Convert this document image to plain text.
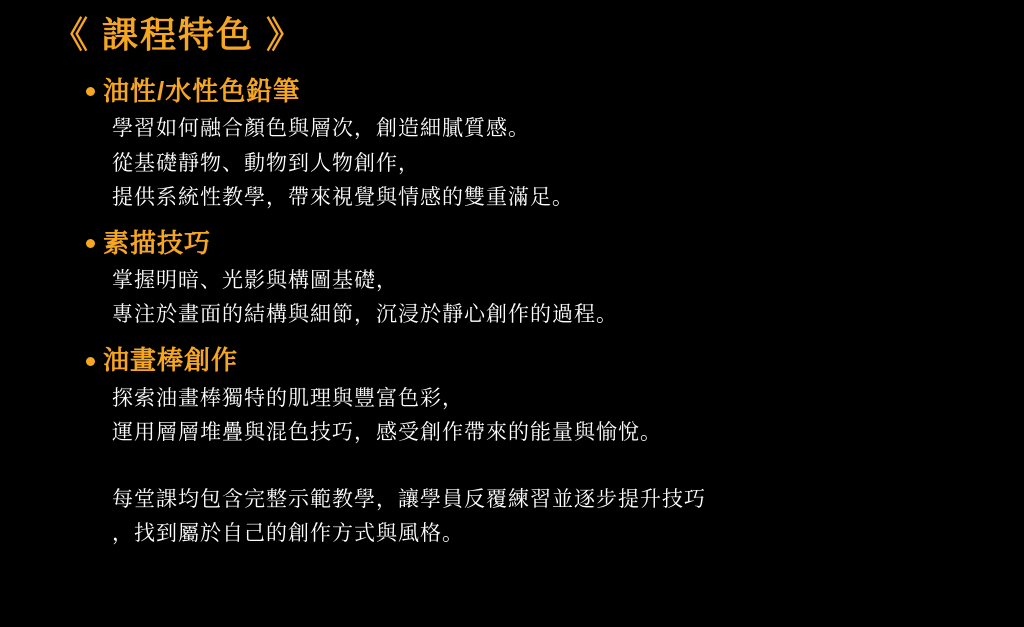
《 課程特色 》
油性/水性色鉛筆
學習如何融合顏色與層次，創造細膩質感。
從基礎靜物、動物到人物創作，
提供系統性教學，帶來視覺與情感的雙重滿足。
素描技巧
掌握明暗、光影與構圖基礎，
專注於畫面的結構與細節，沉浸於靜心創作的過程。
油畫棒創作
探索油畫棒獨特的肌理與豐富色彩，
運用層層堆疊與混色技巧，感受創作帶來的能量與愉悅。
每堂課均包含完整示範教學，讓學員反覆練習並逐步提升技巧
，找到屬於自己的創作方式與風格。
